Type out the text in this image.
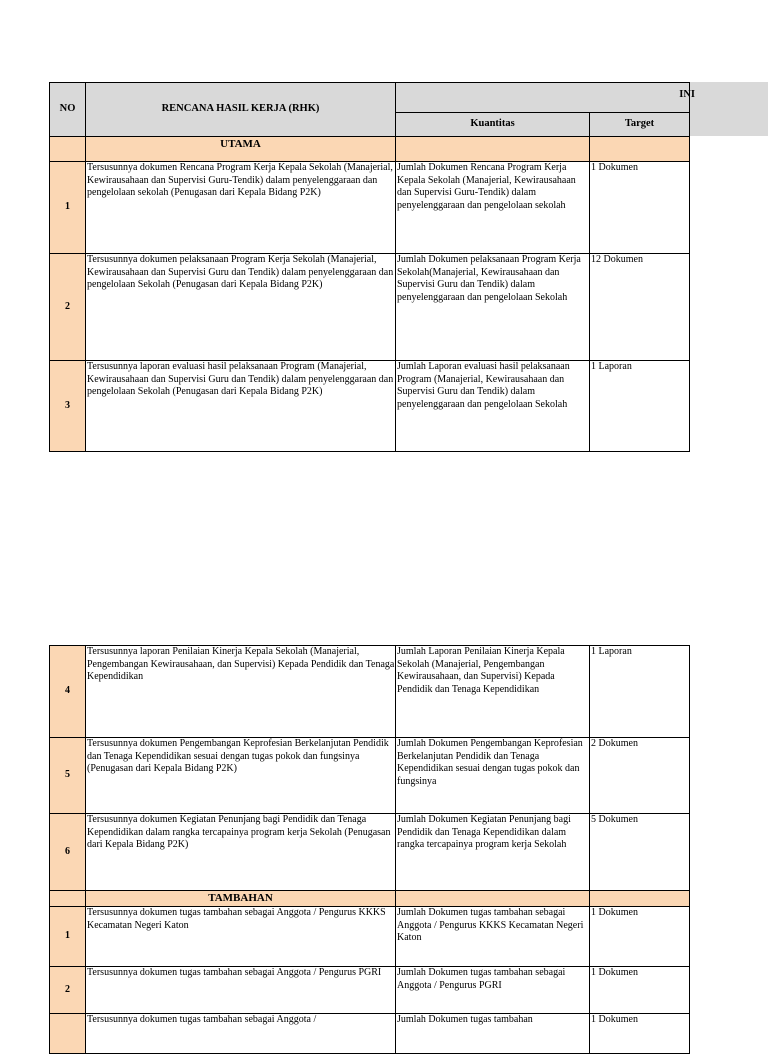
NO	RENCANA HASIL KERJA (RHK)	INI	

		Kuantitas	Target
	UTAMA		
1	Tersusunnya dokumen Rencana Program Kerja Kepala Sekolah (Manajerial, Kewirausahaan dan Supervisi Guru-Tendik) dalam penyelenggaraan dan pengelolaan sekolah (Penugasan dari Kepala Bidang P2K)	Jumlah Dokumen Rencana Program Kerja Kepala Sekolah (Manajerial, Kewirausahaan dan Supervisi Guru-Tendik) dalam penyelenggaraan dan pengelolaan sekolah	1 Dokumen

2	Tersusunnya dokumen pelaksanaan Program Kerja Sekolah (Manajerial, Kewirausahaan dan Supervisi Guru dan Tendik) dalam penyelenggaraan dan pengelolaan Sekolah (Penugasan dari Kepala Bidang P2K)	Jumlah Dokumen pelaksanaan Program Kerja Sekolah(Manajerial, Kewirausahaan dan Supervisi Guru dan Tendik) dalam penyelenggaraan dan pengelolaan Sekolah	12 Dokumen

3	Tersusunnya laporan evaluasi hasil pelaksanaan Program (Manajerial, Kewirausahaan dan Supervisi Guru dan Tendik) dalam penyelenggaraan dan pengelolaan Sekolah (Penugasan dari Kepala Bidang P2K)	Jumlah Laporan evaluasi hasil pelaksanaan Program (Manajerial, Kewirausahaan dan Supervisi Guru dan Tendik) dalam penyelenggaraan dan pengelolaan Sekolah	1 Laporan
4	Tersusunnya laporan Penilaian Kinerja Kepala Sekolah (Manajerial, Pengembangan Kewirausahaan, dan Supervisi) Kepada Pendidik dan Tenaga Kependidikan	Jumlah Laporan Penilaian Kinerja Kepala Sekolah (Manajerial, Pengembangan Kewirausahaan, dan Supervisi) Kepada Pendidik dan Tenaga Kependidikan	1 Laporan

5	Tersusunnya dokumen Pengembangan Keprofesian Berkelanjutan Pendidik dan Tenaga Kependidikan sesuai dengan tugas pokok dan fungsinya (Penugasan dari Kepala Bidang P2K)	Jumlah Dokumen Pengembangan Keprofesian Berkelanjutan Pendidik dan Tenaga Kependidikan sesuai dengan tugas pokok dan fungsinya	2 Dokumen

6	Tersusunnya dokumen Kegiatan Penunjang bagi Pendidik dan Tenaga Kependidikan dalam rangka tercapainya program kerja Sekolah (Penugasan dari Kepala Bidang P2K)	Jumlah Dokumen Kegiatan Penunjang bagi Pendidik dan Tenaga Kependidikan dalam rangka tercapainya program kerja Sekolah	5 Dokumen

	TAMBAHAN		
1	Tersusunnya dokumen tugas tambahan sebagai Anggota / Pengurus KKKS Kecamatan Negeri Katon	Jumlah Dokumen tugas tambahan sebagai Anggota / Pengurus KKKS Kecamatan Negeri Katon	1 Dokumen

2	Tersusunnya dokumen tugas tambahan sebagai Anggota / Pengurus PGRI	Jumlah Dokumen tugas tambahan sebagai Anggota / Pengurus PGRI	1 Dokumen

	Tersusunnya dokumen tugas tambahan sebagai Anggota /	Jumlah Dokumen tugas tambahan	1 Dokumen
